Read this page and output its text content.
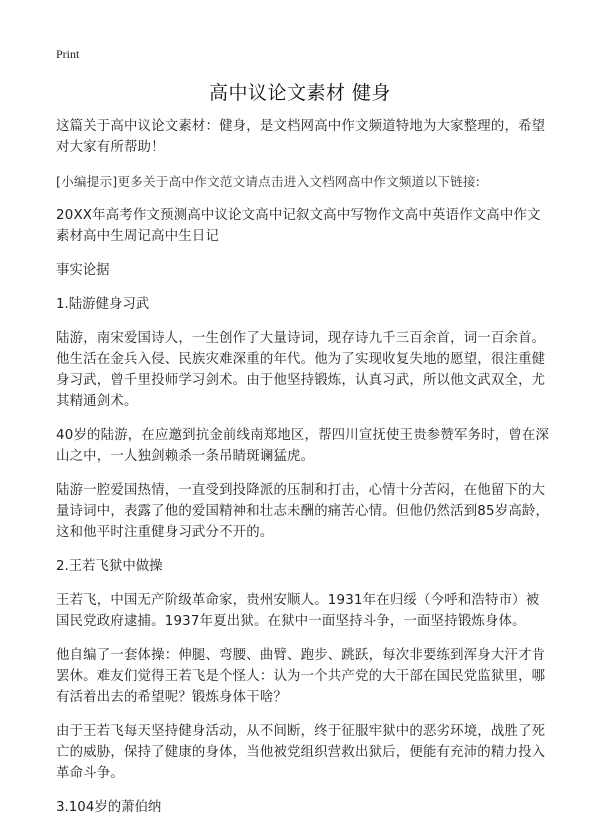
Print
高中议论文素材 健身

这篇关于高中议论文素材：健身，是文档网高中作文频道特地为大家整理的，希望对大家有所帮助！

[小编提示]更多关于高中作文范文请点击进入文档网高中作文频道以下链接:

20XX年高考作文预测高中议论文高中记叙文高中写物作文高中英语作文高中作文素材高中生周记高中生日记

事实论据

1.陆游健身习武

陆游，南宋爱国诗人，一生创作了大量诗词，现存诗九千三百余首，词一百余首。他生活在金兵入侵、民族灾难深重的年代。他为了实现收复失地的愿望，很注重健身习武，曾千里投师学习剑术。由于他坚持锻炼，认真习武，所以他文武双全，尤其精通剑术。

40岁的陆游，在应邀到抗金前线南郑地区，帮四川宣抚使王贵参赞军务时，曾在深山之中，一人独剑赖杀一条吊睛斑谰猛虎。

陆游一腔爱国热情，一直受到投降派的压制和打击，心情十分苦闷，在他留下的大量诗词中，表露了他的爱国精神和壮志未酬的痛苦心情。但他仍然活到85岁高龄，这和他平时注重健身习武分不开的。

2.王若飞狱中做操

王若飞，中国无产阶级革命家，贵州安顺人。1931年在归绥（今呼和浩特市）被国民党政府逮捕。1937年夏出狱。在狱中一面坚持斗争，一面坚持锻炼身体。

他自编了一套体操：伸腿、弯腰、曲臂、跑步、跳跃，每次非要练到浑身大汗才肯罢休。难友们觉得王若飞是个怪人：认为一个共产党的大干部在国民党监狱里，哪有活着出去的希望呢？锻炼身体干啥？

由于王若飞每天坚持健身活动，从不间断，终于征服牢狱中的恶劣环境，战胜了死亡的威胁，保持了健康的身体，当他被党组织营救出狱后，便能有充沛的精力投入革命斗争。

3.104岁的萧伯纳
